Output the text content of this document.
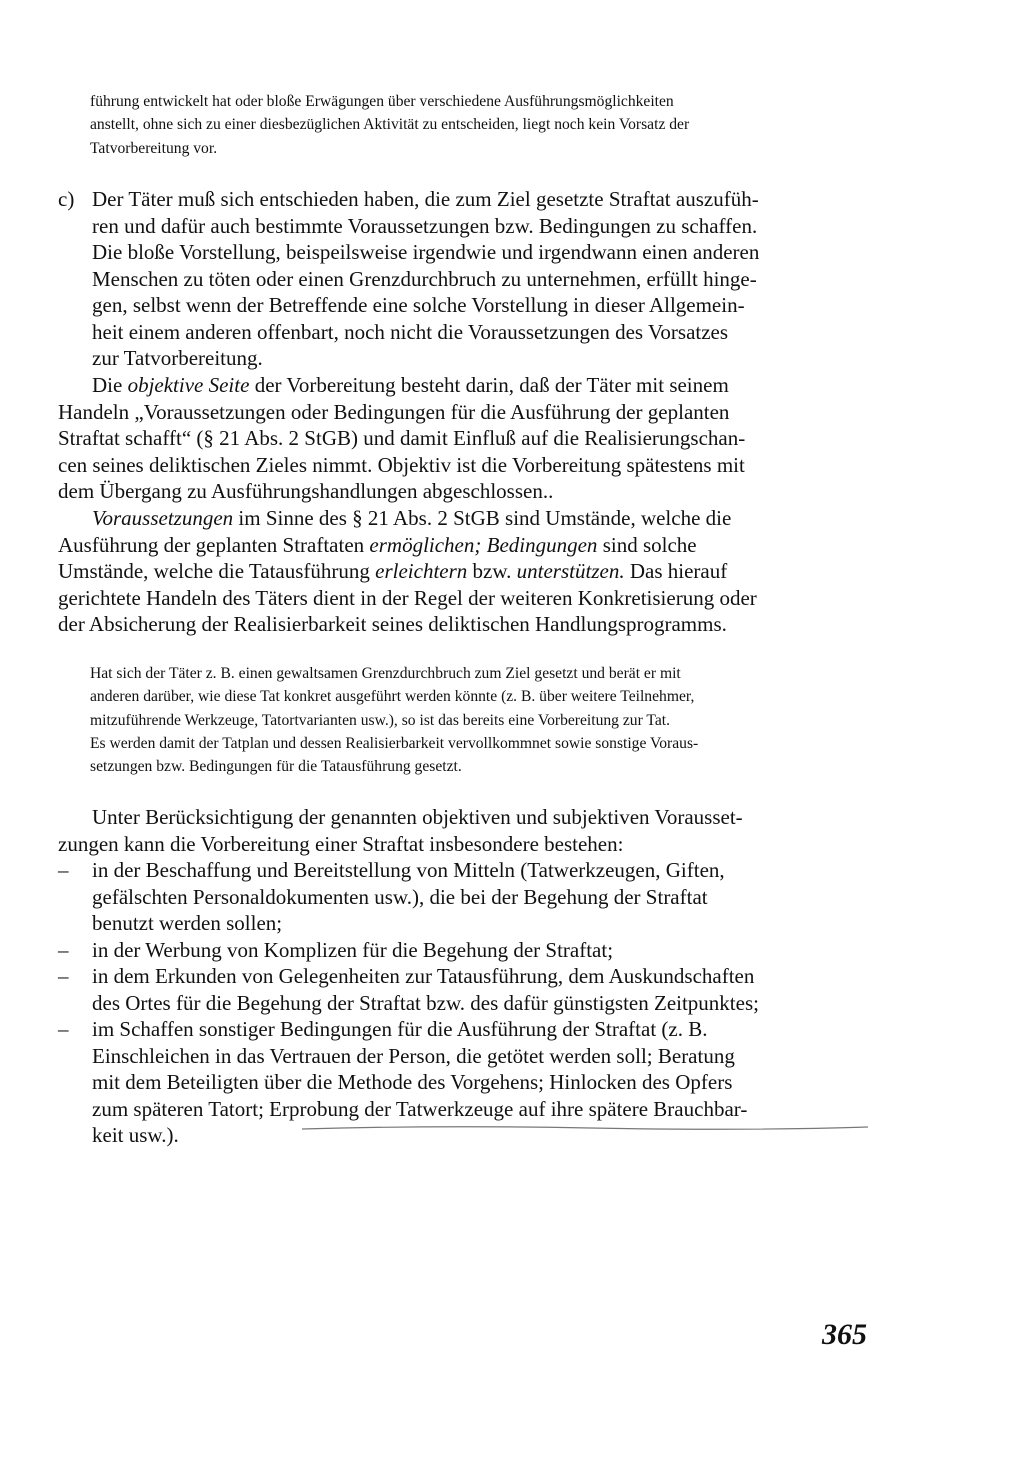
führung entwickelt hat oder bloße Erwägungen über verschiedene Ausführungsmöglichkeiten
anstellt, ohne sich zu einer diesbezüglichen Aktivität zu entscheiden, liegt noch kein Vorsatz der
Tatvorbereitung vor.
c) Der Täter muß sich entschieden haben, die zum Ziel gesetzte Straftat auszufüh-
ren und dafür auch bestimmte Voraussetzungen bzw. Bedingungen zu schaffen.
Die bloße Vorstellung, beispeilsweise irgendwie und irgendwann einen anderen
Menschen zu töten oder einen Grenzdurchbruch zu unternehmen, erfüllt hinge-
gen, selbst wenn der Betreffende eine solche Vorstellung in dieser Allgemein-
heit einem anderen offenbart, noch nicht die Voraussetzungen des Vorsatzes
zur Tatvorbereitung.
Die objektive Seite der Vorbereitung besteht darin, daß der Täter mit seinem
Handeln „Voraussetzungen oder Bedingungen für die Ausführung der geplanten
Straftat schafft“ (§ 21 Abs. 2 StGB) und damit Einfluß auf die Realisierungschan-
cen seines deliktischen Zieles nimmt. Objektiv ist die Vorbereitung spätestens mit
dem Übergang zu Ausführungshandlungen abgeschlossen..
Voraussetzungen im Sinne des § 21 Abs. 2 StGB sind Umstände, welche die
Ausführung der geplanten Straftaten ermöglichen; Bedingungen sind solche
Umstände, welche die Tatausführung erleichtern bzw. unterstützen. Das hierauf
gerichtete Handeln des Täters dient in der Regel der weiteren Konkretisierung oder
der Absicherung der Realisierbarkeit seines deliktischen Handlungsprogramms.
Hat sich der Täter z. B. einen gewaltsamen Grenzdurchbruch zum Ziel gesetzt und berät er mit
anderen darüber, wie diese Tat konkret ausgeführt werden könnte (z. B. über weitere Teilnehmer,
mitzuführende Werkzeuge, Tatortvarianten usw.), so ist das bereits eine Vorbereitung zur Tat.
Es werden damit der Tatplan und dessen Realisierbarkeit vervollkommnet sowie sonstige Voraus-
setzungen bzw. Bedingungen für die Tatausführung gesetzt.
Unter Berücksichtigung der genannten objektiven und subjektiven Vorausset-
zungen kann die Vorbereitung einer Straftat insbesondere bestehen:
– in der Beschaffung und Bereitstellung von Mitteln (Tatwerkzeugen, Giften,
gefälschten Personaldokumenten usw.), die bei der Begehung der Straftat
benutzt werden sollen;
– in der Werbung von Komplizen für die Begehung der Straftat;
– in dem Erkunden von Gelegenheiten zur Tatausführung, dem Auskundschaften
des Ortes für die Begehung der Straftat bzw. des dafür günstigsten Zeitpunktes;
– im Schaffen sonstiger Bedingungen für die Ausführung der Straftat (z. B.
Einschleichen in das Vertrauen der Person, die getötet werden soll; Beratung
mit dem Beteiligten über die Methode des Vorgehens; Hinlocken des Opfers
zum späteren Tatort; Erprobung der Tatwerkzeuge auf ihre spätere Brauchbar-
keit usw.).
365
